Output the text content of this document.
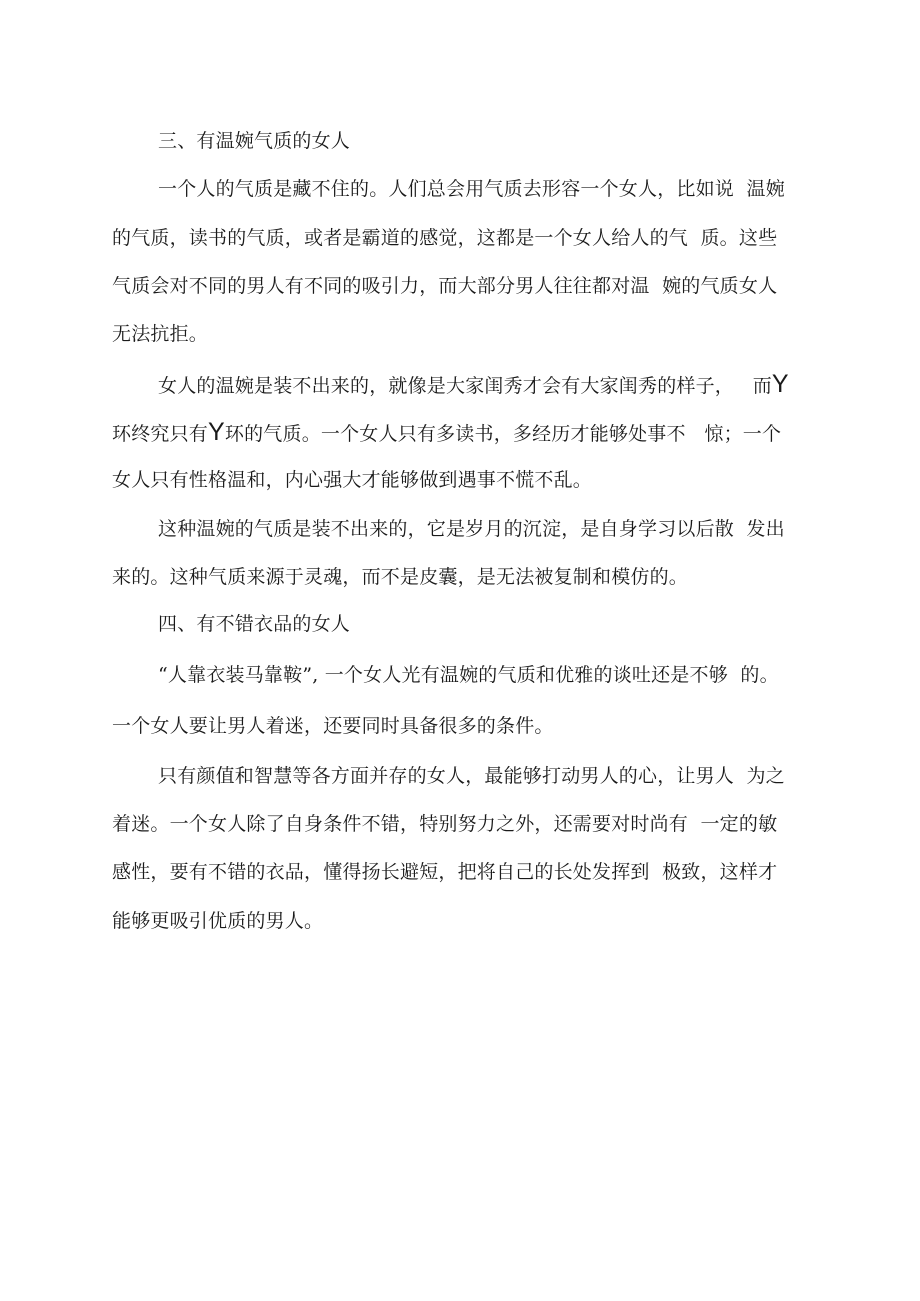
三、有温婉气质的女人
一个人的气质是藏不住的。人们总会用气质去形容一个女人，比如说  温婉
的气质，读书的气质，或者是霸道的感觉，这都是一个女人给人的气  质。这些
气质会对不同的男人有不同的吸引力，而大部分男人往往都对温  婉的气质女人
无法抗拒。
女人的温婉是装不出来的，就像是大家闺秀才会有大家闺秀的样子，   而Y
环终究只有Y环的气质。一个女人只有多读书，多经历才能够处事不   惊；一个
女人只有性格温和，内心强大才能够做到遇事不慌不乱。
这种温婉的气质是装不出来的，它是岁月的沉淀，是自身学习以后散  发出
来的。这种气质来源于灵魂，而不是皮囊，是无法被复制和模仿的。
四、有不错衣品的女人
“人靠衣装马靠鞍”, 一个女人光有温婉的气质和优雅的谈吐还是不够  的。
一个女人要让男人着迷，还要同时具备很多的条件。
只有颜值和智慧等各方面并存的女人，最能够打动男人的心，让男人  为之
着迷。一个女人除了自身条件不错，特别努力之外，还需要对时尚有  一定的敏
感性，要有不错的衣品，懂得扬长避短，把将自己的长处发挥到  极致，这样才
能够更吸引优质的男人。
